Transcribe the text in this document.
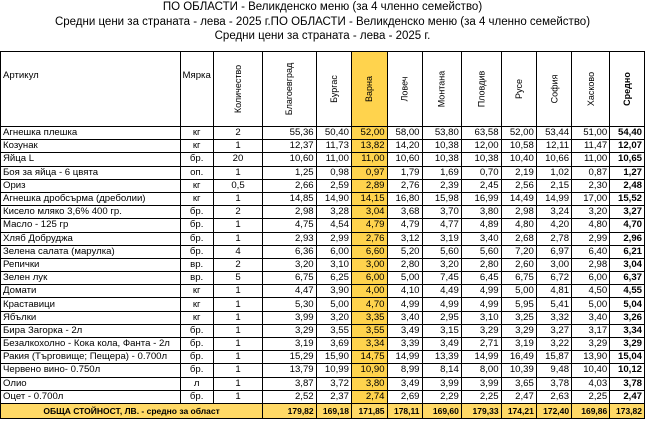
ПО ОБЛАСТИ - Великденско меню (за 4 членно семейство)
Средни цени за страната - лева - 2025 г.ПО ОБЛАСТИ - Великденско меню (за 4 членно семейство)
Средни цени за страната - лева - 2025 г.
Артикул	Мярка	Количество	Благоевград	Бургас	Варна	Ловеч	Монтана	Пловдив	Русе	София	Хасково	Средно
Агнешка плешка	кг	2	55,36	50,40	52,00	58,00	53,80	63,58	52,00	53,44	51,00	54,40
Козунак	кг	1	12,37	11,73	13,82	14,20	10,38	12,00	10,58	12,11	11,47	12,07
Яйца L	бр.	20	10,60	11,00	11,00	10,60	10,38	10,38	10,40	10,66	11,00	10,65
Боя за яйца - 6 цвята	оп.	1	1,25	0,98	0,97	1,79	1,69	0,70	2,19	1,02	0,87	1,27
Ориз	кг	0,5	2,66	2,59	2,89	2,76	2,39	2,45	2,56	2,15	2,30	2,48
Агнешка дробсърма (дреболии)	кг	1	14,85	14,90	14,15	16,80	15,98	16,99	14,49	14,99	17,00	15,52
Кисело мляко 3,6% 400 гр.	бр.	2	2,98	3,28	3,04	3,68	3,70	3,80	2,98	3,24	3,20	3,27
Масло - 125 гр	бр.	1	4,75	4,54	4,79	4,79	4,77	4,89	4,80	4,20	4,80	4,70
Хляб Добруджа	бр.	1	2,93	2,99	2,76	3,12	3,19	3,40	2,68	2,78	2,99	2,96
Зелена салата (марулка)	бр.	4	6,36	6,00	6,60	5,20	5,60	5,60	7,20	6,97	6,40	6,21
Репички	вр.	2	3,20	3,10	3,00	2,80	3,20	2,80	2,60	3,00	2,98	3,04
Зелен лук	вр.	5	6,75	6,25	6,00	5,00	7,45	6,45	6,75	6,72	6,00	6,37
Домати	кг	1	4,47	3,90	4,00	4,10	4,49	4,99	5,00	4,81	4,50	4,55
Краставици	кг	1	5,30	5,00	4,70	4,99	4,99	4,99	5,95	5,41	5,00	5,04
Ябълки	кг	1	3,99	3,20	3,35	3,40	2,95	3,10	3,25	3,32	3,40	3,26
Бира Загорка - 2л	бр.	1	3,29	3,55	3,55	3,49	3,15	3,29	3,29	3,27	3,17	3,34
Безалкохолно - Кока кола, Фанта - 2л	бр.	1	3,19	3,69	3,34	3,39	3,49	2,71	3,19	3,22	3,29	3,29
Ракия (Търговище; Пещера) - 0.700л	бр.	1	15,29	15,90	14,75	14,99	13,39	14,99	16,49	15,87	13,90	15,04
Червено вино- 0.750л	бр.	1	13,79	10,99	10,90	8,99	8,14	8,00	10,39	9,48	10,40	10,12
Олио	л	1	3,87	3,72	3,80	3,49	3,99	3,99	3,65	3,78	4,03	3,78
Оцет - 0.700л	бр.	1	2,52	2,37	2,74	2,69	2,29	2,25	2,47	2,63	2,25	2,47
ОБЩА СТОЙНОСТ, ЛВ. - средно за област			179,82	169,18	171,85	178,11	169,60	179,33	174,21	172,40	169,86	173,82
